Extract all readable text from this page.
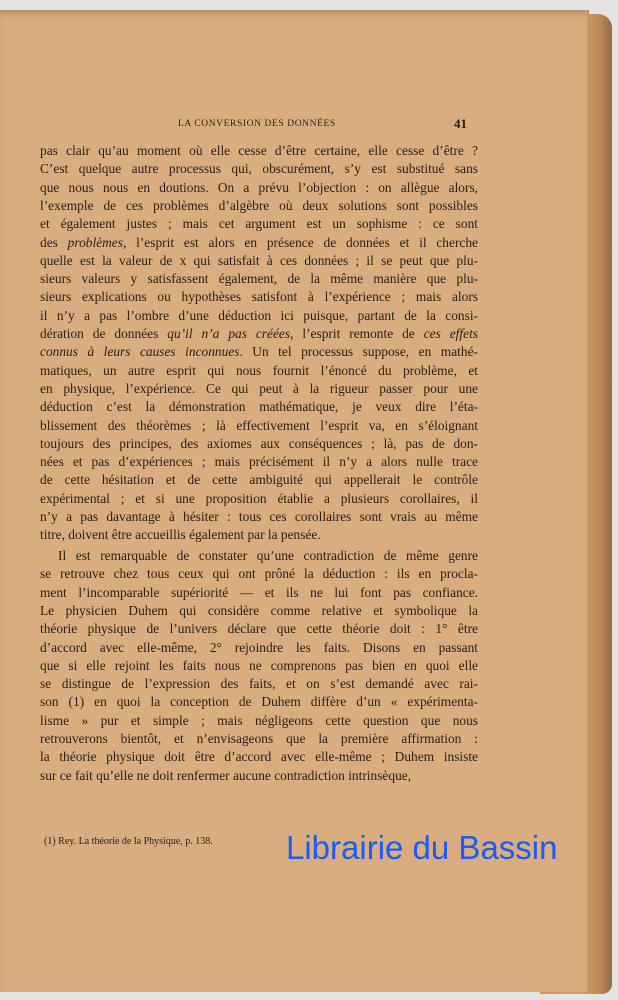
LA CONVERSION DES DONNÉES	41
pas clair qu’au moment où elle cesse d’être certaine, elle cesse d’être ?
C’est quelque autre processus qui, obscurément, s’y est substitué sans
que nous nous en doutions. On a prévu l’objection : on allègue alors,
l’exemple de ces problèmes d’algèbre où deux solutions sont possibles
et également justes ; mais cet argument est un sophisme : ce sont
des problèmes, l’esprit est alors en présence de données et il cherche
quelle est la valeur de x qui satisfait à ces données ; il se peut que plu-
sieurs valeurs y satisfassent également, de la même manière que plu-
sieurs explications ou hypothèses satisfont à l’expérience ; mais alors
il n’y a pas l’ombre d’une déduction ici puisque, partant de la consi-
dération de données qu’il n’a pas créées, l’esprit remonte de ces effets
connus à leurs causes inconnues. Un tel processus suppose, en mathé-
matiques, un autre esprit qui nous fournit l’énoncé du problème, et
en physique, l’expérience. Ce qui peut à la rigueur passer pour une
déduction c’est la démonstration mathématique, je veux dire l’éta-
blissement des théorèmes ; là effectivement l’esprit va, en s’éloignant
toujours des principes, des axiomes aux conséquences ; là, pas de don-
nées et pas d’expériences ; mais précisément il n’y a alors nulle trace
de cette hésitation et de cette ambiguité qui appellerait le contrôle
expérimental ; et si une proposition établie a plusieurs corollaires, il
n’y a pas davantage à hésiter : tous ces corollaires sont vrais au même
titre, doivent être accueillis également par la pensée.
Il est remarquable de constater qu’une contradiction de même genre
se retrouve chez tous ceux qui ont prôné la déduction : ils en procla-
ment l’incomparable supériorité — et ils ne lui font pas confiance.
Le physicien Duhem qui considère comme relative et symbolique la
théorie physique de l’univers déclare que cette théorie doit : 1° être
d’accord avec elle-même, 2° rejoindre les faits. Disons en passant
que si elle rejoint les faits nous ne comprenons pas bien en quoi elle
se distingue de l’expression des faits, et on s’est demandé avec rai-
son (1) en quoi la conception de Duhem diffère d’un « expérimenta-
lisme » pur et simple ; mais négligeons cette question que nous
retrouverons bientôt, et n’envisageons que la première affirmation :
la théorie physique doit être d’accord avec elle-même ; Duhem insiste
sur ce fait qu’elle ne doit renfermer aucune contradiction intrinsèque,
(1) Rey. La théorie de la Physique, p. 138. Librairie du Bassin
